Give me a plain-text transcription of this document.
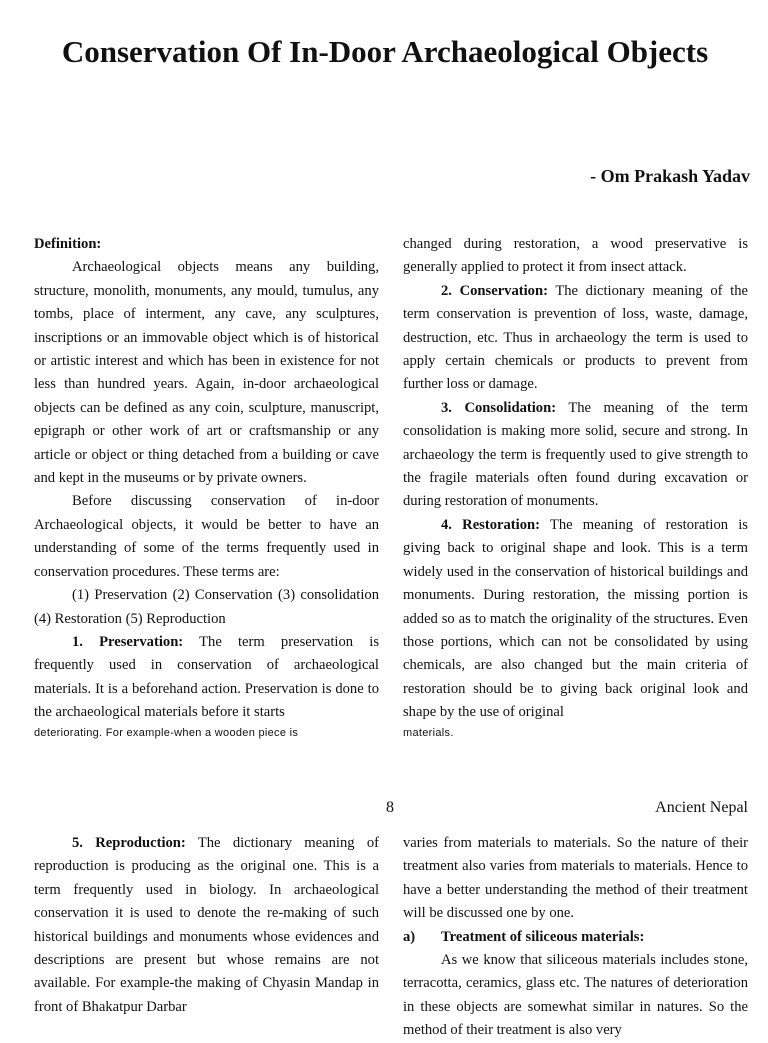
Conservation Of In-Door Archaeological Objects
- Om Prakash Yadav

Definition:

Archaeological objects means any building, structure, monolith, monuments, any mould, tumulus, any tombs, place of interment, any cave, any sculptures, inscriptions or an immovable object which is of historical or artistic interest and which has been in existence for not less than hundred years. Again, in-door archaeological objects can be defined as any coin, sculpture, manuscript, epigraph or other work of art or craftsmanship or any article or object or thing detached from a building or cave and kept in the museums or by private owners.

Before discussing conservation of in-door Archaeological objects, it would be better to have an understanding of some of the terms frequently used in conservation procedures. These terms are:

(1) Preservation (2) Conservation (3) consolidation (4) Restoration (5) Reproduction

1. Preservation: The term preservation is frequently used in conservation of archaeological materials. It is a beforehand action. Preservation is done to the archaeological materials before it starts

deteriorating. For example-when a wooden piece is

changed during restoration, a wood preservative is generally applied to protect it from insect attack.

2. Conservation: The dictionary meaning of the term conservation is prevention of loss, waste, damage, destruction, etc. Thus in archaeology the term is used to apply certain chemicals or products to prevent from further loss or damage.

3. Consolidation: The meaning of the term consolidation is making more solid, secure and strong. In archaeology the term is frequently used to give strength to the fragile materials often found during excavation or during restoration of monuments.

4. Restoration: The meaning of restoration is giving back to original shape and look. This is a term widely used in the conservation of historical buildings and monuments. During restoration, the missing portion is added so as to match the originality of the structures. Even those portions, which can not be consolidated by using chemicals, are also changed but the main criteria of restoration should be to giving back original look and shape by the use of original

materials.

8	Ancient Nepal

5. Reproduction: The dictionary meaning of reproduction is producing as the original one. This is a term frequently used in biology. In archaeological conservation it is used to denote the re-making of such historical buildings and monuments whose evidences and descriptions are present but whose remains are not available. For example-the making of Chyasin Mandap in front of Bhakatpur Darbar

varies from materials to materials. So the nature of their treatment also varies from materials to materials. Hence to have a better understanding the method of their treatment will be discussed one by one.

a) Treatment of siliceous materials:

As we know that siliceous materials includes stone, terracotta, ceramics, glass etc. The natures of deterioration in these objects are somewhat similar in natures. So the method of their treatment is also very
